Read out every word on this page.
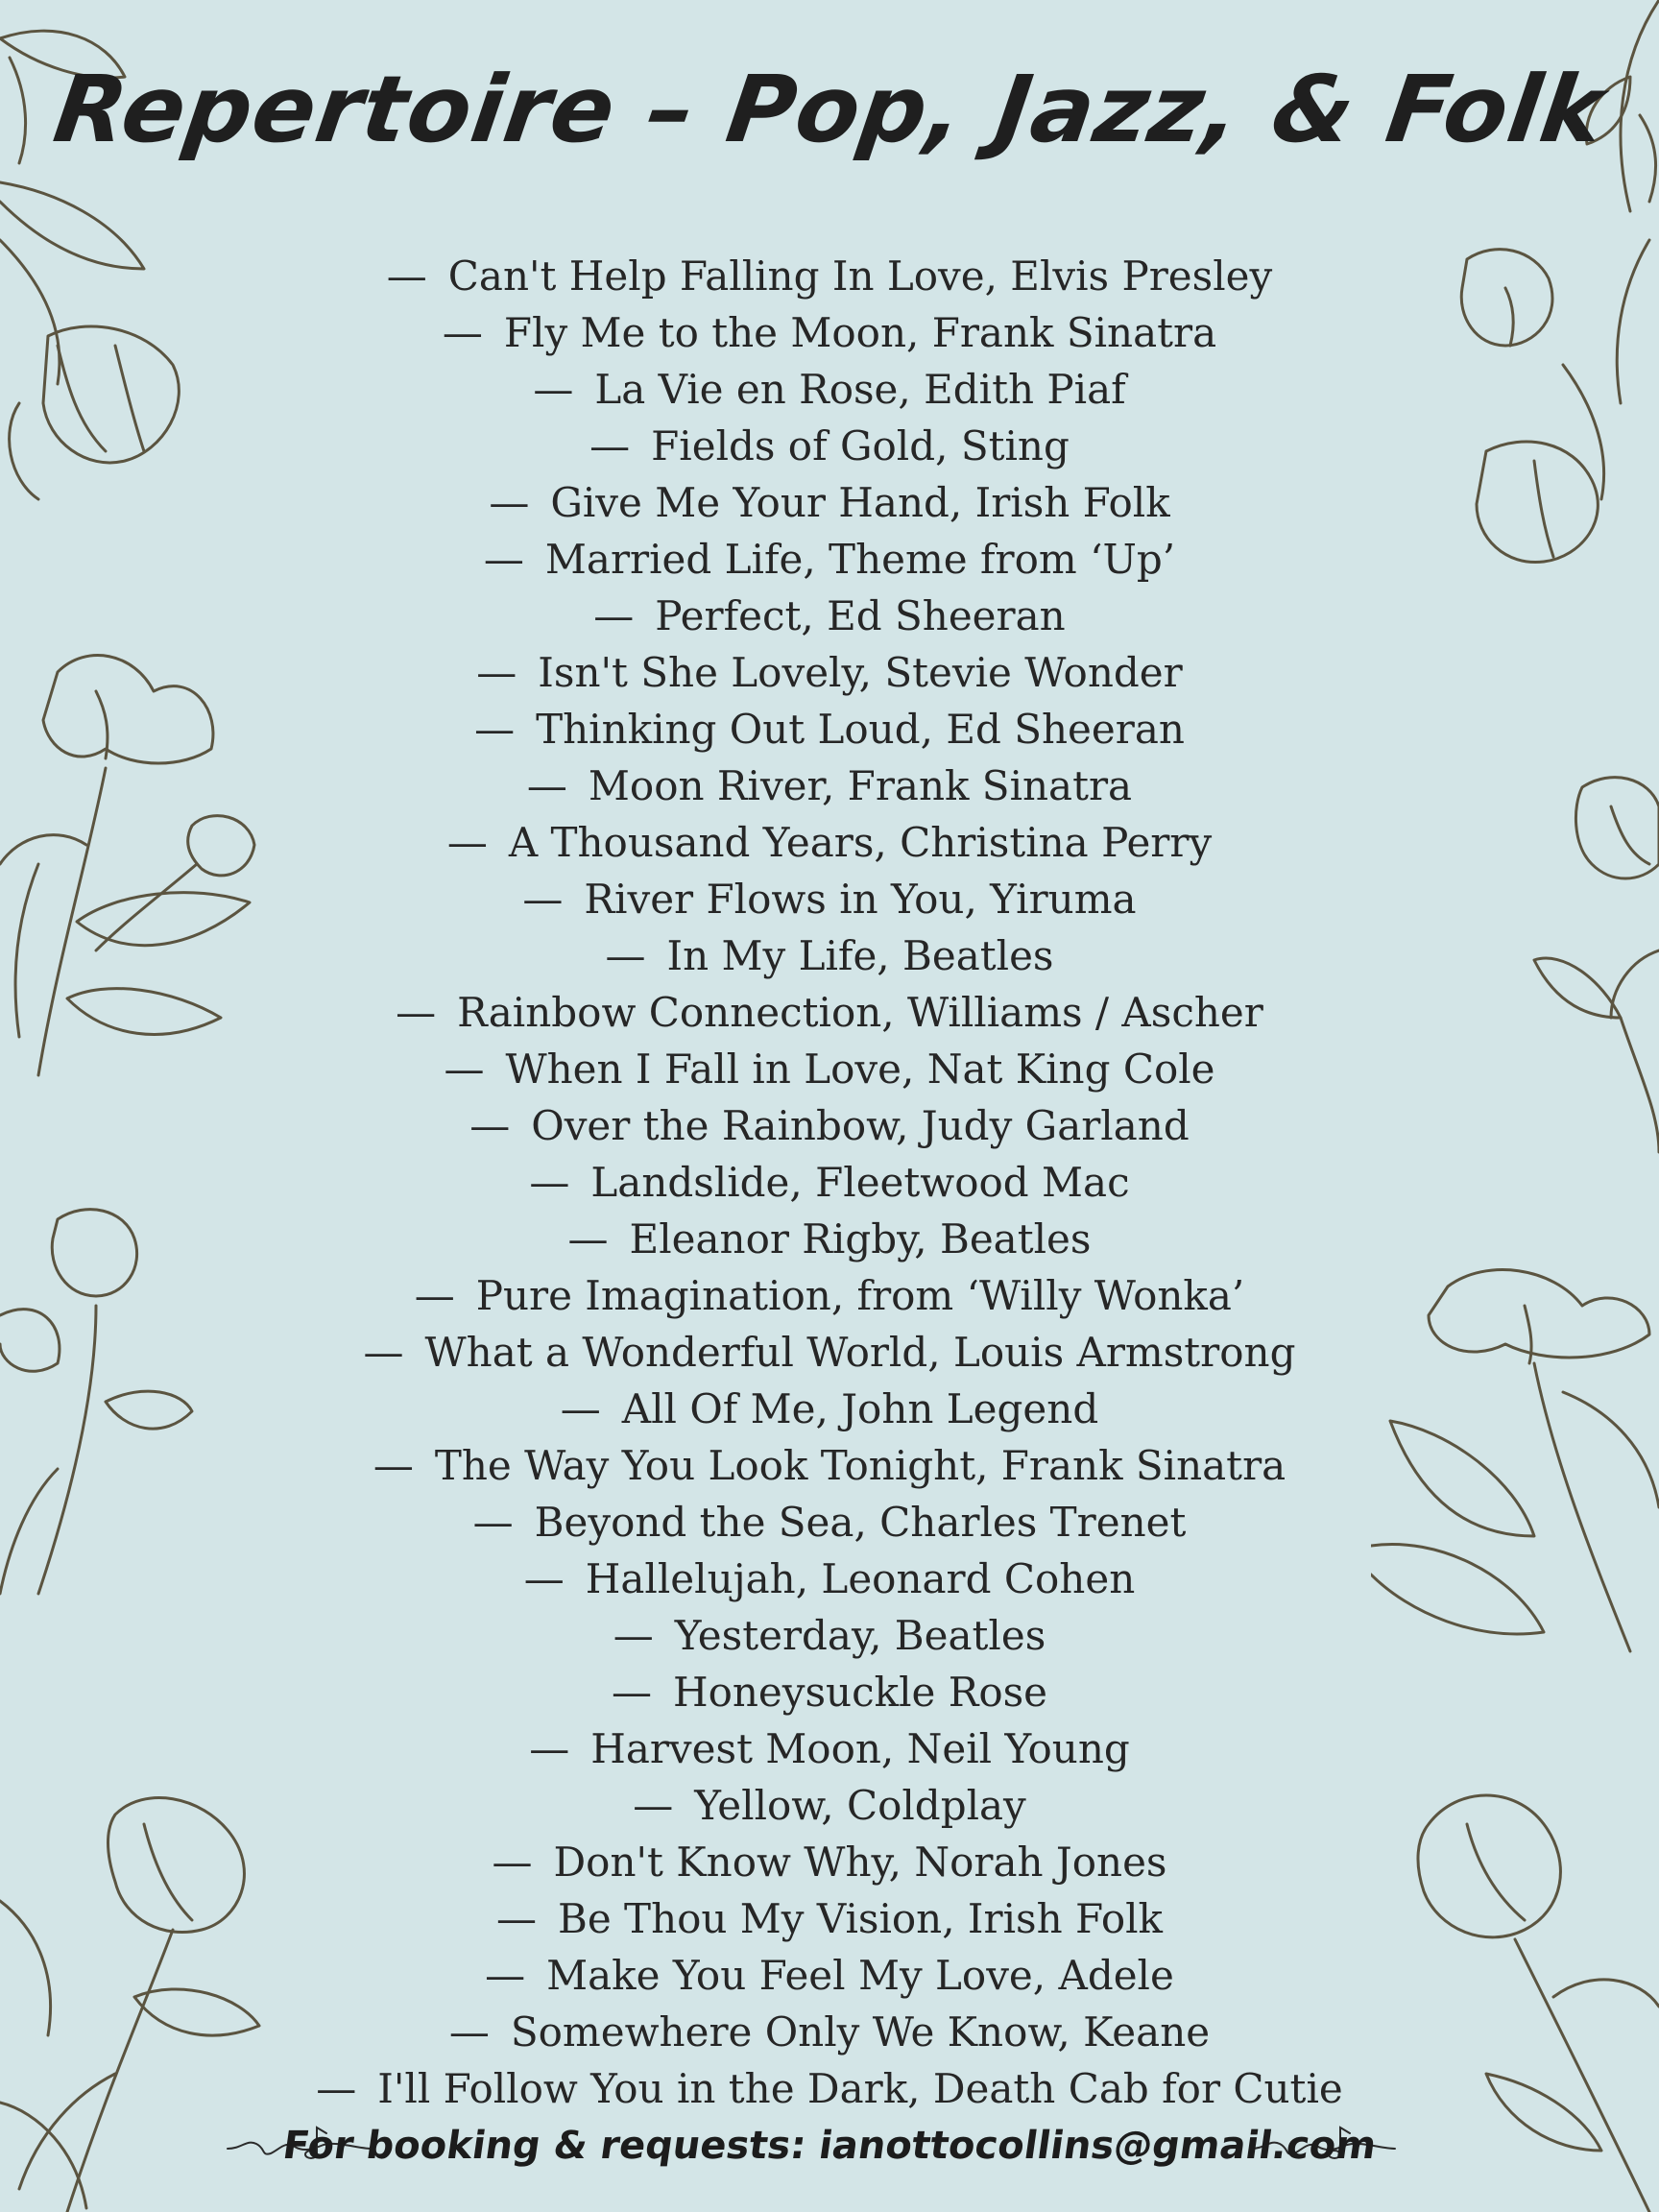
Repertoire – Pop, Jazz, & Folk
— Can't Help Falling In Love, Elvis Presley
— Fly Me to the Moon, Frank Sinatra
— La Vie en Rose, Edith Piaf
— Fields of Gold, Sting
— Give Me Your Hand, Irish Folk
— Married Life, Theme from ‘Up’
— Perfect, Ed Sheeran
— Isn't She Lovely, Stevie Wonder
— Thinking Out Loud, Ed Sheeran
— Moon River, Frank Sinatra
— A Thousand Years, Christina Perry
— River Flows in You, Yiruma
— In My Life, Beatles
— Rainbow Connection, Williams / Ascher
— When I Fall in Love, Nat King Cole
— Over the Rainbow, Judy Garland
— Landslide, Fleetwood Mac
— Eleanor Rigby, Beatles
— Pure Imagination, from ‘Willy Wonka’
— What a Wonderful World, Louis Armstrong
— All Of Me, John Legend
— The Way You Look Tonight, Frank Sinatra
— Beyond the Sea, Charles Trenet
— Hallelujah, Leonard Cohen
— Yesterday, Beatles
— Honeysuckle Rose
— Harvest Moon, Neil Young
— Yellow, Coldplay
— Don't Know Why, Norah Jones
— Be Thou My Vision, Irish Folk
— Make You Feel My Love, Adele
— Somewhere Only We Know, Keane
— I'll Follow You in the Dark, Death Cab for Cutie
For booking & requests: ianottocollins@gmail.com
